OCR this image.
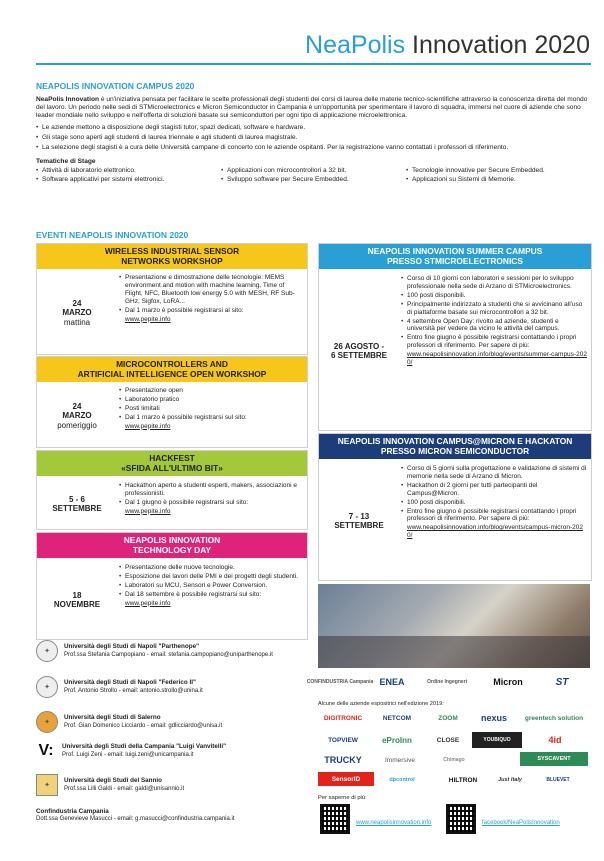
NeaPolis Innovation 2020
NEAPOLIS INNOVATION CAMPUS 2020
NeaPolis Innovation è un'iniziativa pensata per facilitare le scelte professionali degli studenti dei corsi di laurea delle materie tecnico-scientifiche attraverso la conoscenza diretta del mondo del lavoro. Un periodo nelle sedi di STMicroelectronics e Micron Semiconductor in Campania è un'opportunità per sperimentare il lavoro di squadra, immersi nel cuore di aziende che sono leader mondiale nello sviluppo e nell'offerta di soluzioni basate sui semiconduttori per ogni tipo di applicazione microelettronica.
• Le aziende mettono a disposizione degli stagisti tutor, spazi dedicati, software e hardware.
• Gli stage sono aperti agli studenti di laurea triennale e agli studenti di laurea magistrale.
• La selezione degli stagisti è a cura delle Università campane di concerto con le aziende ospitanti. Per la registrazione vanno contattati i professori di riferimento.
Tematiche di Stage
• Attività di laboratorio elettronico.
• Software applicativi per sistemi elettronici.
• Applicazioni con microcontrollori a 32 bit.
• Sviluppo software per Secure Embedded.
• Tecnologie innovative per Secure Embedded.
• Applicazioni su Sistemi di Memorie.
EVENTI NEAPOLIS INNOVATION 2020
WIRELESS INDUSTRIAL SENSOR
NETWORKS WORKSHOP
24
MARZO
mattina
• Presentazione e dimostrazione delle tecnologie: MEMS environment and motion with machine learning, Time of Flight, NFC, Bluetooth low energy 5.0 with MESH, RF Sub-GHz, Sigfox, LoRA...
• Dal 1 marzo è possibile registrarsi al sito:
www.pepite.info
MICROCONTROLLERS AND
ARTIFICIAL INTELLIGENCE OPEN WORKSHOP
24
MARZO
pomeriggio
• Presentazione open
• Laboratorio pratico
• Posti limitati
• Dal 1 marzo è possibile registrarsi sul sito:
www.pepite.info
HACKFEST
«SFIDA ALL'ULTIMO BIT»
5 - 6
SETTEMBRE
• Hackathon aperto a studenti esperti, makers, associazioni e professionisti.
• Dal 1 giugno è possibile registrarsi sul sito:
www.pepite.info
NEAPOLIS INNOVATION
TECHNOLOGY DAY
18
NOVEMBRE
• Presentazione delle nuove tecnologie.
• Esposizione dei lavori delle PMI e dei progetti degli studenti.
• Laboratori su MCU, Sensori e Power Conversion.
• Dal 18 settembre è possibile registrarsi sul sito:
www.pepite.info
NEAPOLIS INNOVATION SUMMER CAMPUS
PRESSO STMICROELECTRONICS
26 AGOSTO -
6 SETTEMBRE
• Corso di 10 giorni con laboratori e sessioni per lo sviluppo professionale nella sede di Arzano di STMicroelectronics.
• 100 posti disponibili.
• Principalmente indirizzato a studenti che si avvicinano all'uso di piattaforme basate sui microcontrollori a 32 bit.
• 4 settembre Open Day: rivolto ad aziende, studenti e università per vedere da vicino le attività del campus.
• Entro fine giugno è possibile registrarsi contattando i propri professori di riferimento. Per sapere di più:
www.neapolisinnovation.info/blog/events/summer-campus-2020/
NEAPOLIS INNOVATION CAMPUS@MICRON E HACKATON
PRESSO MICRON SEMICONDUCTOR
7 - 13
SETTEMBRE
• Corso di 5 giorni sulla progettazione e validazione di sistemi di memorie nella sede di Arzano di Micron.
• Hackathon di 2 giorni per tutti partecipanti del Campus@Micron.
• 100 posti disponibili.
• Entro fine giugno è possibile registrarsi contattando i propri professori di riferimento. Per sapere di più:
www.neapolisinnovation.info/blog/events/campus-micron-2020/
CONFINDUSTRIA Campania ENEA	Ordine Ingegneri	Micron	ST
Alcune delle aziende espositrici nell'edizione 2019:
DIGITRONIC	NETCOM	ZOOM	nexus	greentech solution
TOPVIEW	eProInn	CLOSE	YOUBIQUO	4id
TRUCKY	Immersive	Chimago	SYSCAVENT
SensorID	dpcontrol	HILTRON	Just Italy	BLUEVET
Per saperne di più:
www.neapolisinnovation.info	facebook/NeaPolisInnovation
✦
Università degli Studi di Napoli "Parthenope"
Prof.ssa Stefania Campopiano - email: stefania.campopiano@uniparthenope.it
✦
Università degli Studi di Napoli "Federico II"
Prof. Antonio Strollo - email: antonio.strollo@unina.it
✦
Università degli Studi di Salerno
Prof. Gian Domenico Licciardo - email: gdlicciardo@unisa.it
V:	Università degli Studi della Campania "Luigi Vanvitelli"
Prof. Luigi Zeni - email: luigi.zeni@unicampania.it
✦
Università degli Studi del Sannio
Prof.ssa Lilli Galdi - email: galdi@unisannio.it
Confindustria Campania
Dott.ssa Genevieve Masucci - email: g.masucci@confindustria.campania.it
